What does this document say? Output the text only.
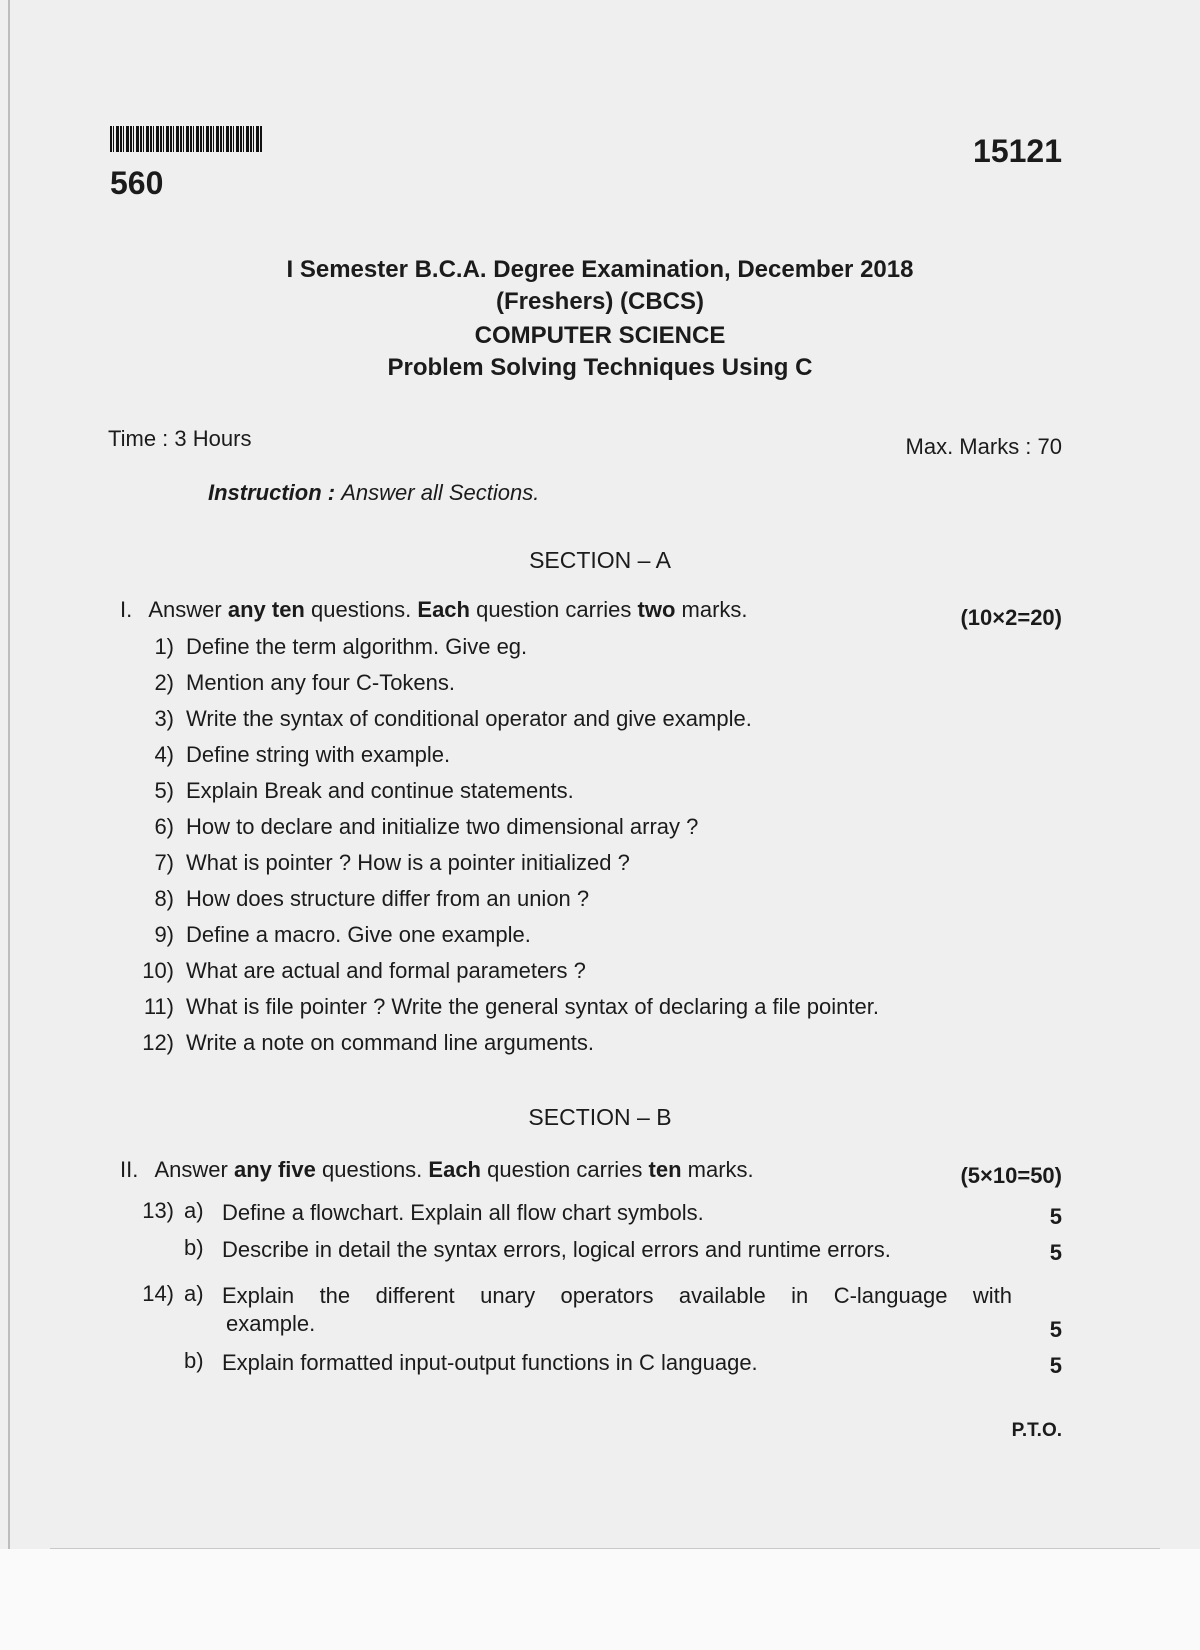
560
15121
I Semester B.C.A. Degree Examination, December 2018
(Freshers) (CBCS)
COMPUTER SCIENCE
Problem Solving Techniques Using C
Time : 3 Hours	Max. Marks : 70
Instruction : Answer all Sections.
SECTION – A
I. Answer any ten questions. Each question carries two marks.	(10×2=20)
1) Define the term algorithm. Give eg.
2) Mention any four C-Tokens.
3) Write the syntax of conditional operator and give example.
4) Define string with example.
5) Explain Break and continue statements.
6) How to declare and initialize two dimensional array ?
7) What is pointer ? How is a pointer initialized ?
8) How does structure differ from an union ?
9) Define a macro. Give one example.
10) What are actual and formal parameters ?
11) What is file pointer ? Write the general syntax of declaring a file pointer.
12) Write a note on command line arguments.
SECTION – B
II. Answer any five questions. Each question carries ten marks.	(5×10=50)
13) a) Define a flowchart. Explain all flow chart symbols.	5
b) Describe in detail the syntax errors, logical errors and runtime errors.	5
14) a) Explain the different unary operators available in C-language with
example.	5
b) Explain formatted input-output functions in C language.	5
P.T.O.
